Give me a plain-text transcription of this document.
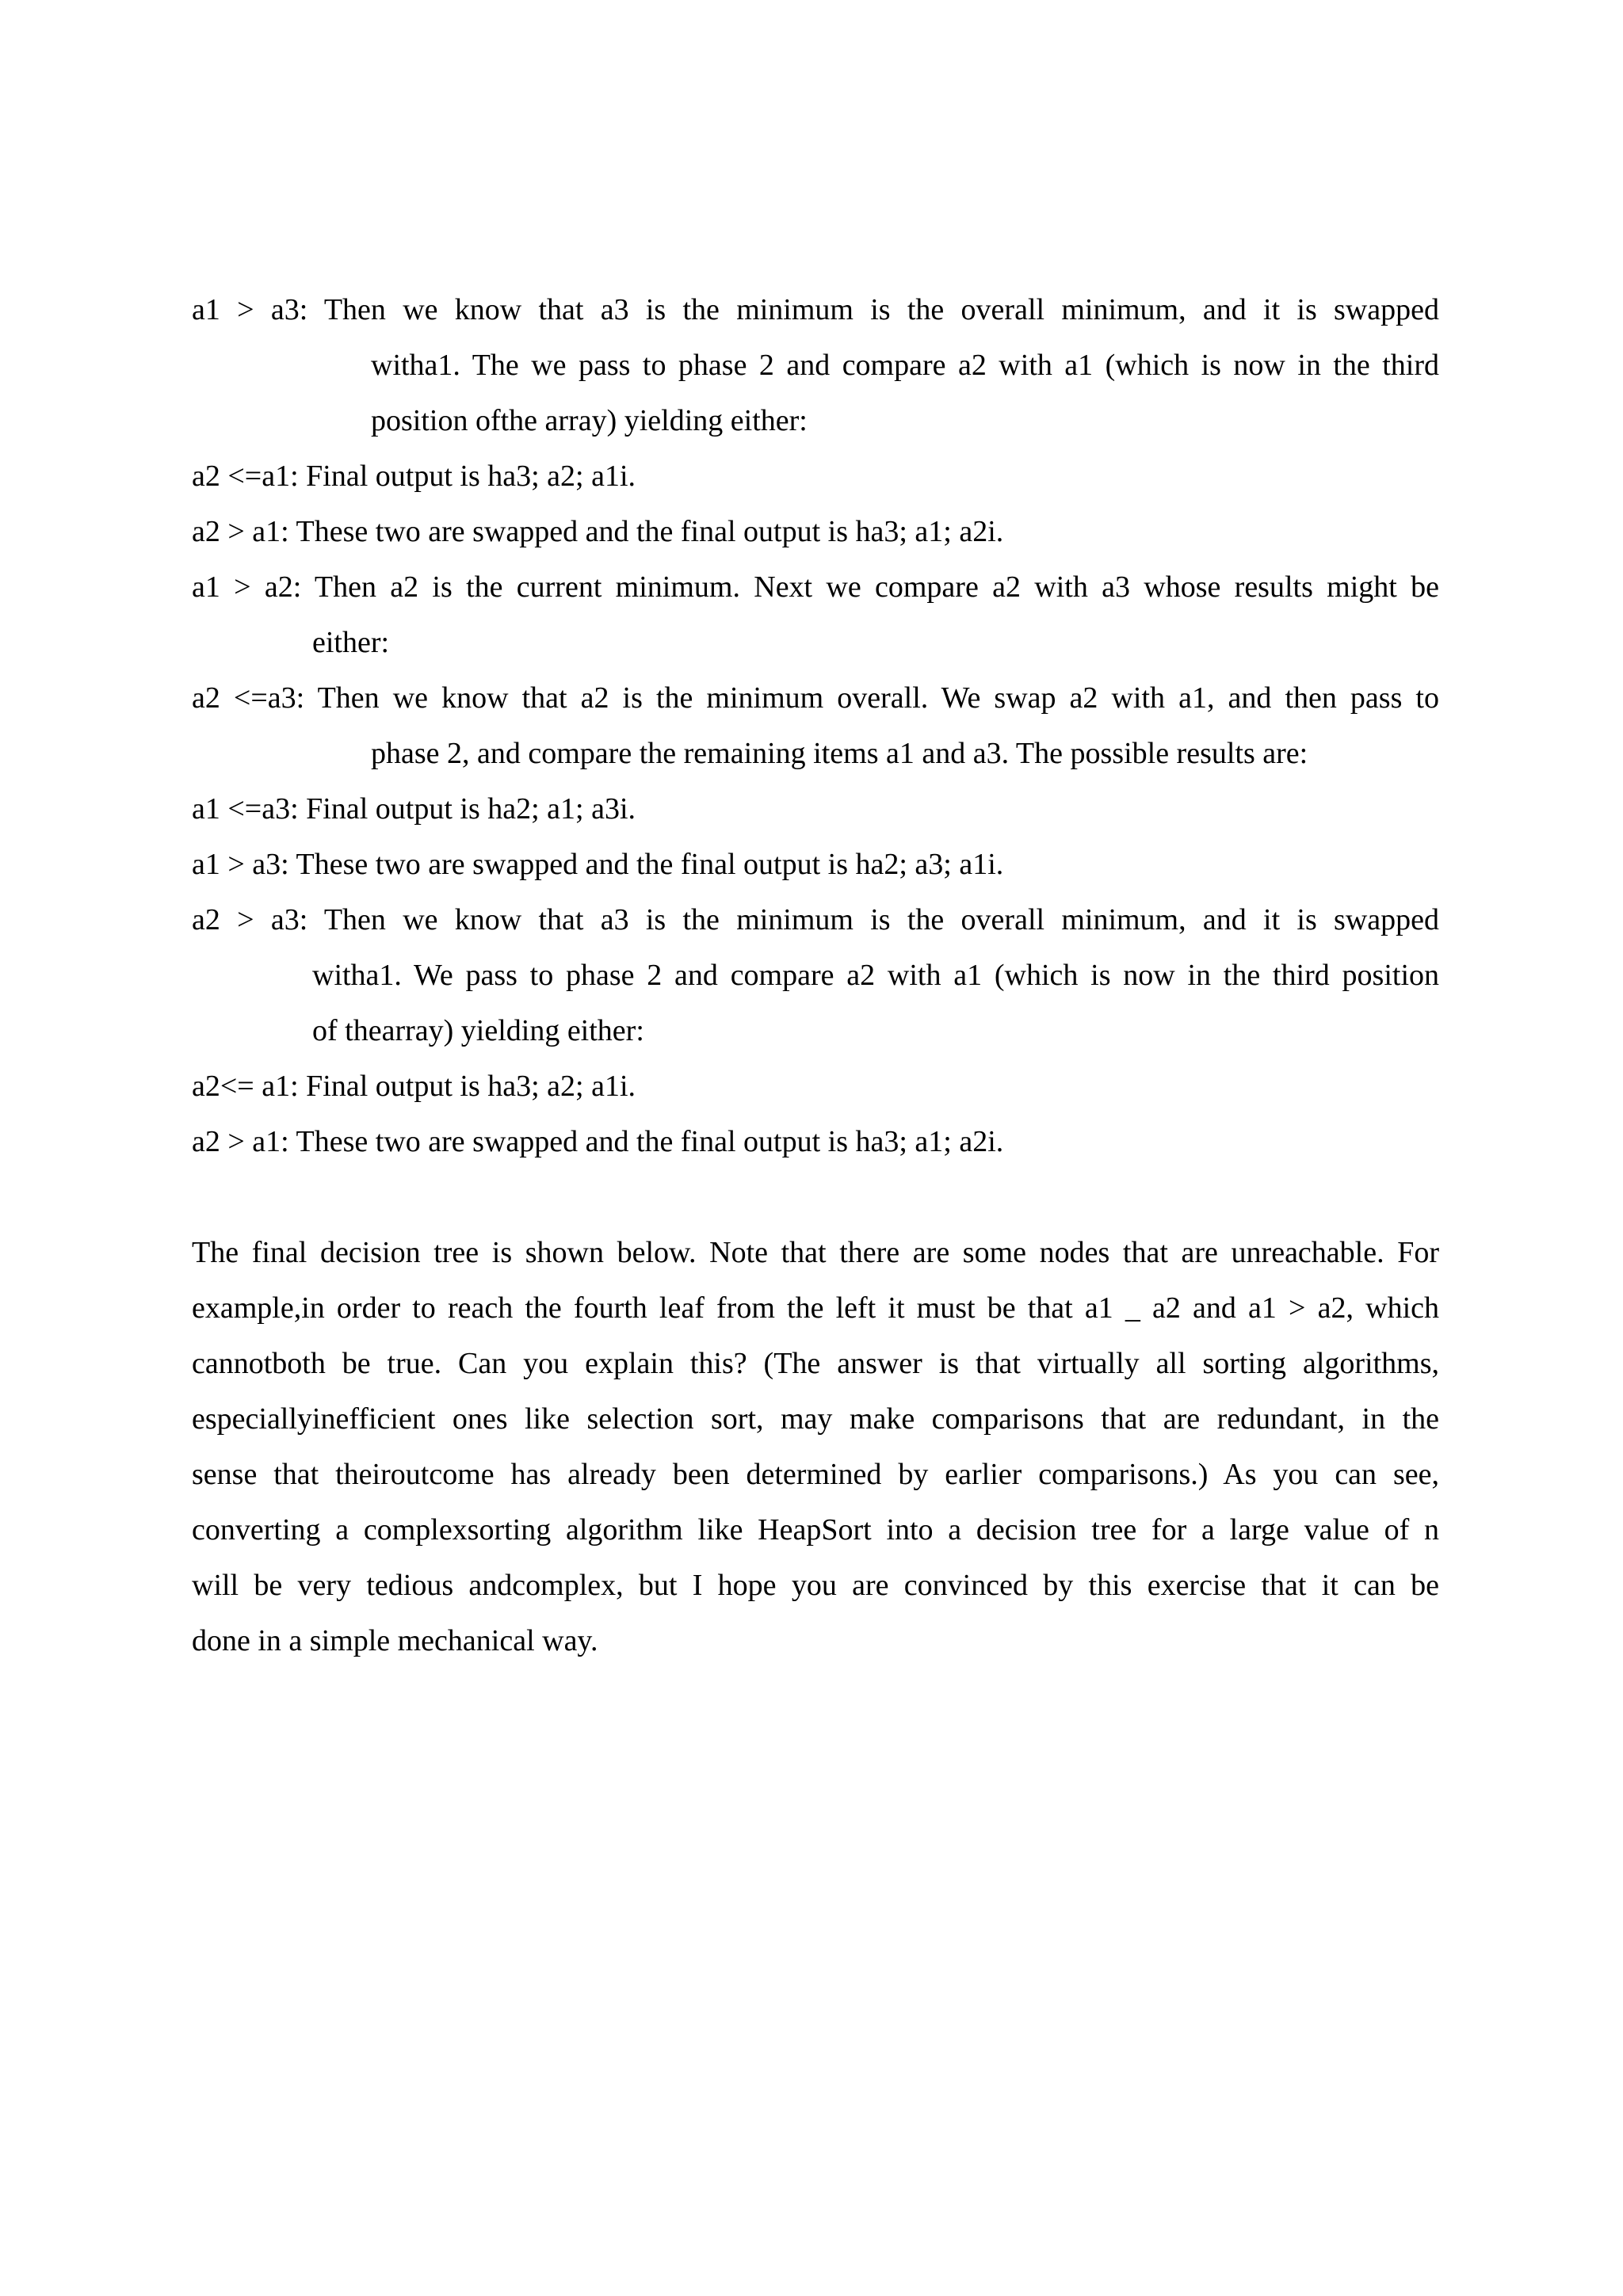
a1 > a3: Then we know that a3 is the minimum is the overall minimum, and it is swapped
witha1. The we pass to phase 2 and compare a2 with a1 (which is now in the third
position ofthe array) yielding either:
a2 <=a1: Final output is ha3; a2; a1i.
a2 > a1: These two are swapped and the final output is ha3; a1; a2i.
a1 > a2: Then a2 is the current minimum. Next we compare a2 with a3 whose results might be
either:
a2 <=a3: Then we know that a2 is the minimum overall. We swap a2 with a1, and then pass to
phase 2, and compare the remaining items a1 and a3. The possible results are:
a1 <=a3: Final output is ha2; a1; a3i.
a1 > a3: These two are swapped and the final output is ha2; a3; a1i.
a2 > a3: Then we know that a3 is the minimum is the overall minimum, and it is swapped
witha1. We pass to phase 2 and compare a2 with a1 (which is now in the third position
of thearray) yielding either:
a2<= a1: Final output is ha3; a2; a1i.
a2 > a1: These two are swapped and the final output is ha3; a1; a2i.
The final decision tree is shown below. Note that there are some nodes that are unreachable. For
example,in order to reach the fourth leaf from the left it must be that a1 _ a2 and a1 > a2, which
cannotboth be true. Can you explain this? (The answer is that virtually all sorting algorithms,
especiallyinefficient ones like selection sort, may make comparisons that are redundant, in the
sense that theiroutcome has already been determined by earlier comparisons.) As you can see,
converting a complexsorting algorithm like HeapSort into a decision tree for a large value of n
will be very tedious andcomplex, but I hope you are convinced by this exercise that it can be
done in a simple mechanical way.
